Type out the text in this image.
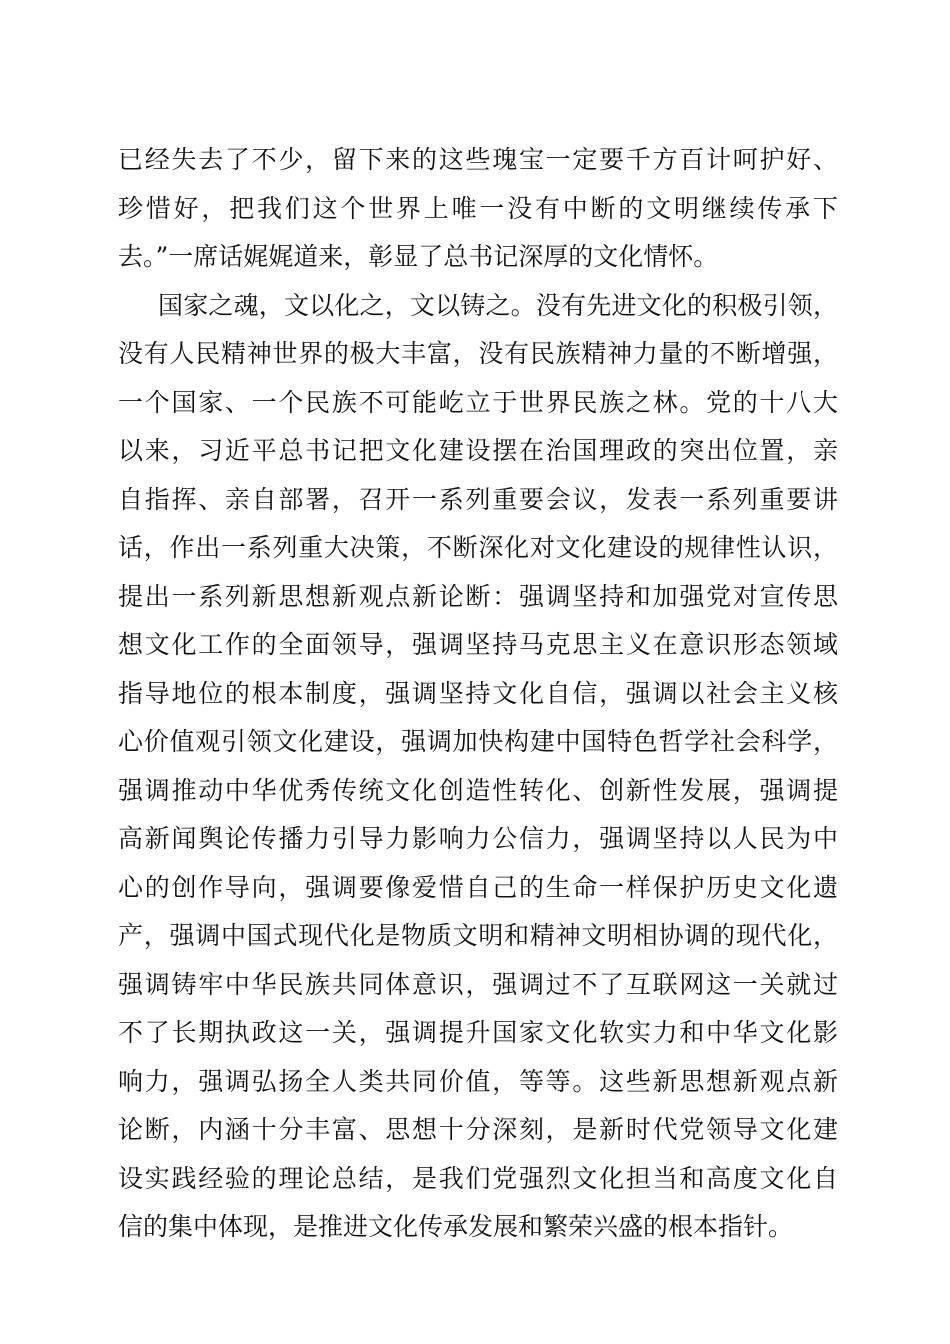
已经失去了不少，留下来的这些瑰宝一定要千方百计呵护好、
珍惜好，把我们这个世界上唯一没有中断的文明继续传承下
去。”一席话娓娓道来，彰显了总书记深厚的文化情怀。
国家之魂，文以化之，文以铸之。没有先进文化的积极引领，
没有人民精神世界的极大丰富，没有民族精神力量的不断增强，
一个国家、一个民族不可能屹立于世界民族之林。党的十八大
以来，习近平总书记把文化建设摆在治国理政的突出位置，亲
自指挥、亲自部署，召开一系列重要会议，发表一系列重要讲
话，作出一系列重大决策，不断深化对文化建设的规律性认识，
提出一系列新思想新观点新论断：强调坚持和加强党对宣传思
想文化工作的全面领导，强调坚持马克思主义在意识形态领域
指导地位的根本制度，强调坚持文化自信，强调以社会主义核
心价值观引领文化建设，强调加快构建中国特色哲学社会科学，
强调推动中华优秀传统文化创造性转化、创新性发展，强调提
高新闻舆论传播力引导力影响力公信力，强调坚持以人民为中
心的创作导向，强调要像爱惜自己的生命一样保护历史文化遗
产，强调中国式现代化是物质文明和精神文明相协调的现代化，
强调铸牢中华民族共同体意识，强调过不了互联网这一关就过
不了长期执政这一关，强调提升国家文化软实力和中华文化影
响力，强调弘扬全人类共同价值，等等。这些新思想新观点新
论断，内涵十分丰富、思想十分深刻，是新时代党领导文化建
设实践经验的理论总结，是我们党强烈文化担当和高度文化自
信的集中体现，是推进文化传承发展和繁荣兴盛的根本指针。
